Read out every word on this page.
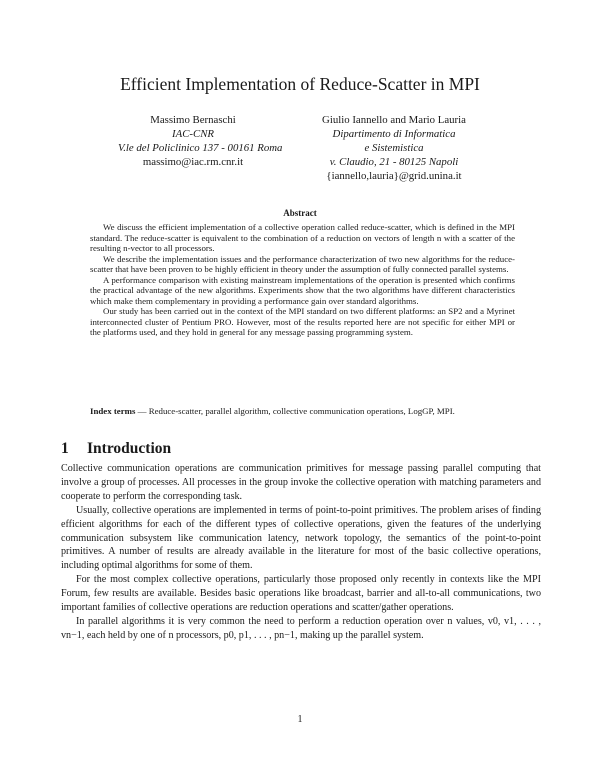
Efficient Implementation of Reduce-Scatter in MPI
Massimo Bernaschi
IAC-CNR
V.le del Policlinico 137 - 00161 Roma
massimo@iac.rm.cnr.it
Giulio Iannello and Mario Lauria
Dipartimento di Informatica
e Sistemistica
v. Claudio, 21 - 80125 Napoli
{iannello,lauria}@grid.unina.it
Abstract

We discuss the efficient implementation of a collective operation called reduce-scatter, which is defined in the MPI standard. The reduce-scatter is equivalent to the combination of a reduction on vectors of length n with a scatter of the resulting n-vector to all processors.

We describe the implementation issues and the performance characterization of two new algorithms for the reduce-scatter that have been proven to be highly efficient in theory under the assumption of fully connected parallel systems.

A performance comparison with existing mainstream implementations of the operation is presented which confirms the practical advantage of the new algorithms. Experiments show that the two algorithms have different characteristics which make them complementary in providing a performance gain over standard algorithms.

Our study has been carried out in the context of the MPI standard on two different platforms: an SP2 and a Myrinet interconnected cluster of Pentium PRO. However, most of the results reported here are not specific for either MPI or the platforms used, and they hold in general for any message passing programming system.

Index terms — Reduce-scatter, parallel algorithm, collective communication operations, LogGP, MPI.

1 Introduction

Collective communication operations are communication primitives for message passing parallel computing that involve a group of processes. All processes in the group invoke the collective operation with matching parameters and cooperate to perform the corresponding task.

Usually, collective operations are implemented in terms of point-to-point primitives. The problem arises of finding efficient algorithms for each of the different types of collective operations, given the features of the underlying communication subsystem like communication latency, network topology, the semantics of the point-to-point primitives. A number of results are already available in the literature for most of the basic collective operations, including optimal algorithms for some of them.

For the most complex collective operations, particularly those proposed only recently in contexts like the MPI Forum, few results are available. Besides basic operations like broadcast, barrier and all-to-all communications, two important families of collective operations are reduction operations and scatter/gather operations.

In parallel algorithms it is very common the need to perform a reduction operation over n values, v0, v1, . . . , vn−1, each held by one of n processors, p0, p1, . . . , pn−1, making up the parallel system.

1
